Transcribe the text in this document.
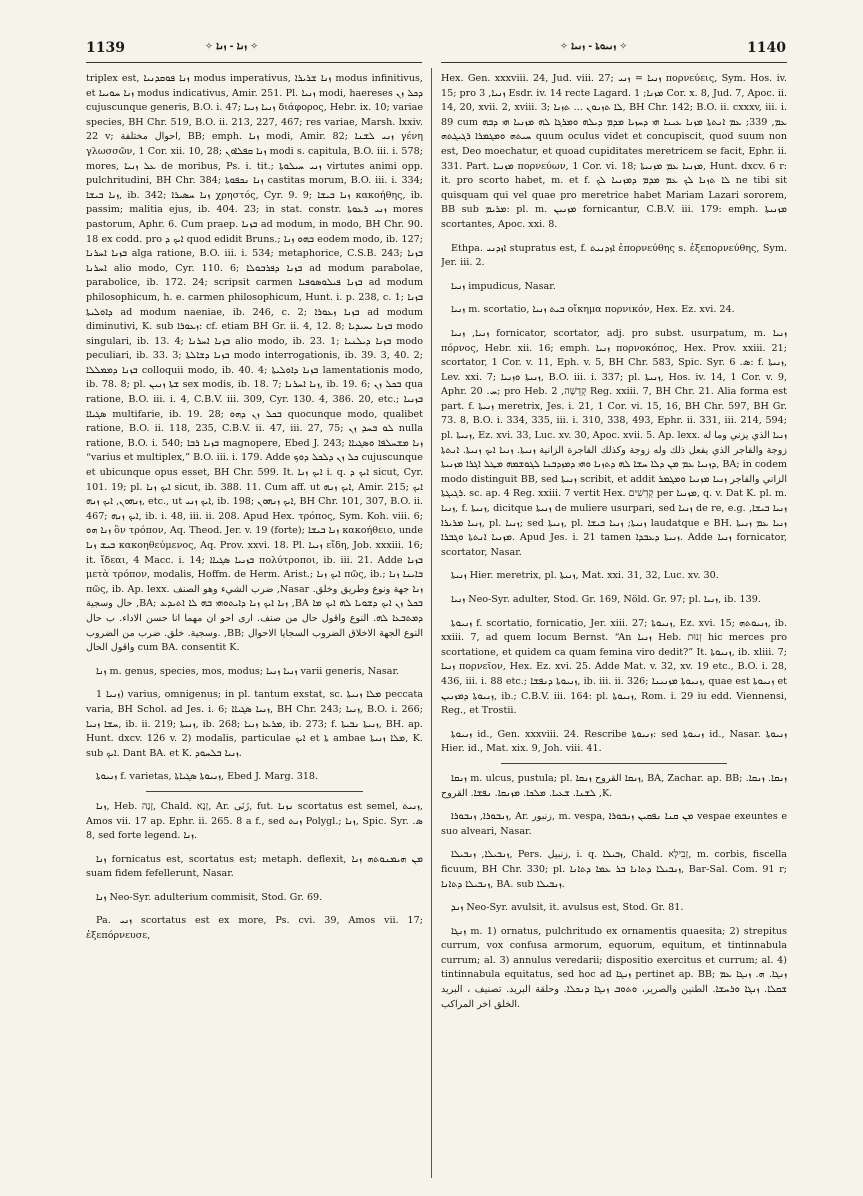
1139	✧ ܙܢܐ - ܙܢܐ ✧	✧ ܙܢܝܘܬܐ - ܙܢܝܐ ✧	1140

triplex est, ܙܢܐ ܦܘܩܕܢܝܐ modus imperativus, ܙܢܐ ܫܪܝܪܐ modus infinitivus, et ܙܢܐ ܚܘܝܝܐ modus indicativus, Amir. 251. Pl. ܙܢܝܐ modi, haereses ܕܟܠ ܙܢ cujuscunque generis, B.O. i. 47; ܙܢܝܐ ܙܢܝܐ διάφορος, Hebr. ix. 10; variae species, BH Chr. 519, B.O. ii. 213, 227, 467; res variae, Marsh. lxxiv. 22 v; احوال مختلفة, BB; emph. ܙܢܐ modi, Amir. 82; ܙܢܝ ܠܫܢܐ γένη γλωσσῶν, 1 Cor. xii. 10, 28; ܙܢܐ ܩܦܠܐܘܢ modi s. capitula, B.O. iii. i. 578; mores, ܥܠ ܙܢܝܐ de moribus, Ps. i. tit.; ܙܢܝ ܚܝܠܘܬܐ virtutes animi opp. pulchritudini, BH Chr. 384; ܙܢܐ ܢܟܦܘܬܐ castitas morum, B.O. iii. i. 334; ܙܢܐ ܒܝܫܐ, ib. 342; ܙܢܐ ܚܣܝܪܐ χρηστός, Cyr. 9. 9; ܙܢܐ ܒܝܫܐ κακοήθης, ib. passim; malitia ejus, ib. 404. 23; in stat. constr. ܙܢܝ ܪܥܘܬܐ mores pastorum, Aphr. 6. Cum praep. ܒܙܢܐ ad modum, in modo, BH Chr. 90. 18 ex codd. pro ܐܝܟ ܕ quod edidit Bruns.; ܒܗܘ ܙܢܐ eodem modo, ib. 127; ܒܙܢܐ ܐܚܪܢܐ alga ratione, B.O. iii. i. 534; metaphorice, C.S.B. 243; ܒܙܢܐ ܐܚܪܢܐ alio modo, Cyr. 110. 6; ܒܙܢܐ ܕܦܪܒܘܠܐ ad modum parabolae, parabolice, ib. 172. 24; scripsit carmen ܒܙܢܐ ܦܝܠܘܣܘܦܝܐ ad modum philosophicum, h. e. carmen philosophicum, Hunt. i. p. 238, c. 1; ܒܙܢܐ ܕܐܘܠܝܬܐ ad modum naeniae, ib. 246, c. 2; ܒܙܢܐ ܙܥܘܪܐ ad modum diminutivi, K. sub ܙܥܘܪܐ: cf. etiam BH Gr. ii. 4, 12. 8; ܒܙܢܐ ܝܚܝܕܝܐ modo singulari, ib. 13. 4; ܒܙܢܐ ܐܚܪܢܐ alio modo, ib. 23. 1; ܒܙܢܐ ܕܝܠܢܝܐ modo peculiari, ib. 33. 3; ܒܙܢܐ ܕܫܐܠܬܐ modo interrogationis, ib. 39. 3, 40. 2; ܒܙܢܐ ܕܡܡܠܠܐ colloquii modo, ib. 40. 4; ܒܙܢܐ ܕܐܘܠܝܬܐ lamentationis modo, ib. 78. 8; pl. ܫܬܐ ܙܢܝܢ sex modis, ib. 18. 7; ܙܢܐ ܐܚܪܢܐ, ib. 19. 6; ܒܟܠ ܙܢ qua ratione, B.O. iii. i. 4, C.B.V. iii. 309, Cyr. 130. 4, 386. 20, etc.; ܒܙܢܝܐ ܣܓܝܐܐ multifarie, ib. 19. 28; ܒܟܠ ܙܢ ܕܗܘ quocunque modo, qualibet ratione, B.O. ii. 118, 235, C.B.V. ii. 47, iii. 27, 75; ܠܘ ܒܚܕ ܙܢ nulla ratione, B.O. i. 540; ܒܙܢܐ ܪܒܐ magnopere, Ebed J. 243; ܙܢܐ ܡܫܚܠܦܐ ܘܣܓܝܐܐ “varius et multiplex,” B.O. iii. i. 179. Adde ܟܠ ܙܢ ܕܠܟܠ ܕܘܟ cujuscunque et ubicunque opus esset, BH Chr. 599. It. ܐܝܟ ܙܢܐ i. q. ܐܝܟ ܕ sicut, Cyr. 101. 19; pl. ܐܝܟ ܙܢܐ sicut, ib. 388. 11. Cum aff. ut ܐܝܟ ܙܢܗ, Amir. 215; ܐܝܟ ܙܢܗܘܢ, ܐܝܟ ܙܢܗ, etc., ut ܐܝܟ ܙܢܝ, ib. 198; ܐܝܟ ܙܢܗܘܢ, BH Chr. 101, 307, B.O. ii. 467; ܐܝܟ ܙܢܗ, ib. i. 48, iii. ii. 208. Apud Hex. τρόπος, Sym. Koh. viii. 6; ܙܢܐ ܗܘ ὃν τρόπον, Aq. Theod. Jer. v. 19 (forte); ܙܢܐ ܒܝܫܐ κακοήθειο, unde ܒܝܫ ܙܢܐ κακοηθεύμενος, Aq. Prov. xxvi. 18. Pl. ܙܢܝܐ εἴδη, Job. xxxiii. 16; it. ἴδεαι, 4 Macc. i. 14; ܒܙܢܝܐ ܣܓܝܐܐ πολύτροποι, ib. iii. 21. Adde ܒܙܢܐ μετὰ τρόπον, modalis, Hoffm. de Herm. Arist.; ܐܝܟ ܙܢܐ πῶς, ib.; ܒܐܝܢܐ ܙܢܐ πῶς, ib. Ap. lexx. ضرب الشيء وهو الصنف ,Nasar ܙܢܐ جهة ونوع وطريق وخلق. حال وسجية ,BA; ܙܢܐ ܐܝܟ ܙܢܐ ܕܐܝܬܘܗܝ ܒܗ ܠܐ ܐܬܝܕܥ ,BA ܒܟܠ ܙܢ ܐܝܟ ܕܫܘܝܐ ܠܗ ܐܝܟ ܡܐ ܕܡܬܒܥܐ ܠܗ. النوع واقول حال من صنف. ارى احو ان مهما انا حسن الاداء. ب حال وسجية. خلق. ضرب من الضروب. ,BB; النوع الجهة الاخلاق الضروب السجايا الاحوال واقول الحال cum BA. consentit K.

ܙܢܐ m. genus, species, mos, modus; ܙܢܝܐ ܙܢܝܐ varii generis, Nasar.

ܙܢܝܐ 1) varius, omnigenus; in pl. tantum exstat, sc. ܡܠܐ ܙܢܝܬܐ peccata varia, BH Schol. ad Jes. i. 6; ܙܢܝܐ ܣܓܝܐܐ, BH Chr. 243; ܙܢܝܐ, B.O. i. 266; ܚܫܐ ܙܢܝܐ, ib. ii. 219; ܙܢܝܬܐ, ib. 268; ܡܪܥܐ ܙܢܝܐ, ib. 273; f. ܙܢܝܬܐ ܢܒܝܬܐ, BH. ap. Hunt. dxcv. 126 v. 2) modalis, particulae ܐܝܟ et ܬܐ ambae ܡܠܐ ܙܢܝܬܐ, K. sub ܐܝܟ. Dant BA. et K. ܙܢܝܐ ܒܠܚܘܕ.

ܙܢܝܘܬܐ f. varietas, ܙܢܝܘܬܐ ܣܓܝܐܬܐ, Ebed J. Marg. 318.

ܙܢܐ, Heb. זָנָה, Chald. זְנָא, Ar. زَنَى, fut. ܢܙܢܐ scortatus est semel, ܙܢܝܬ, Amos vii. 17 ap. Ephr. ii. 265. 8 a f., sed ܙܢܬ Polygl.; ܙܢܐ, Spic. Syr. ܣ. 8, sed forte legend. ܙܢܐ.

ܙܢܐ fornicatus est, scortatus est; metaph. deflexit, ܡܢ ܗܝܡܢܘܬܗ ܙܢܐ suam fidem fefellerunt, Nasar.

ܙܢܐ Neo-Syr. adulterium commisit, Stod. Gr. 69.

Pa. ܙܢܝ scortatus est ex more, Ps. cvi. 39, Amos vii. 17; ἐξεπόρνευσε,

Hex. Gen. xxxviii. 24, Jud. viii. 27; ܙܢܝܐ = ܙܢܝ πορνεύεις, Sym. Hos. iv. 15; pro ܙܢܝܐ, 3 Esdr. iv. 14 recte Lagard. ܡܙܢܐ; 1 Cor. x. 8, Jud. 7, Apoc. ii. 14, 20, xvii. 2, xviii. 3; ܠܐ ܬܙܢܘܢ ... ܬܙܢܐ, BH Chr. 142; B.O. ii. cxxxv, iii. i. 89 cum ܥܡ, 339; ܥܡ ܐܢܬܬܐ ܡܙܢܐ ܥܝܢܐ ܗܝ ܕܚܙܝܐ ܡܕܡ ܕܝܠܗ ܘܡܪܓܐ ܠܗ ܡܙܢܝܐ ܗܝ ܕܒܗ ܚܝܬܗ ܘܡܓܡܪܐ ܪܓܝܓܬܗ quum oculus videt et concupiscit, quod suum non est, Deo moechatur, et quoad cupiditates meretricem se facit, Ephr. ii. 331. Part. ܡܙܢܝܐ πορνεύων, 1 Cor. vi. 18; ܡܙܢܝܐ ܥܡ ܡܙܢܝܬܐ, Hunt. dxcv. 6 r: it. pro scorto habet, m. et f. ܠܐ ܬܙܢܐ ܠܟ ܥܡ ܡܕܡ ܕܡܙܢܝܐ ܠܟ ne tibi sit quisquam qui vel quae pro meretrice habet Mariam Lazari sororem, BB sub ܡܪܝܡ: pl. m. ܡܙܢܝܢ fornicantur, C.B.V. iii. 179: emph. ܡܙܢܝܬܐ scortantes, Apoc. xxi. 8.

Ethpa. ܐܙܕܢܝ stupratus est, f. ܐܙܕܢܝܬ ἐπορνεύθης s. ἐξεπορνεύθης, Sym. Jer. iii. 2.

ܙܢܝܐ impudicus, Nasar.

ܙܢܝܐ m. scortatio, ܒܝܬ ܙܢܝܐ οἴκημα πορνικόν, Hex. Ez. xvi. 24.

ܙܢܝܐ, ܙܢܝܐ fornicator, scortator, adj. pro subst. usurpatum, m. ܙܢܝܐ πόρνος, Hebr. xii. 16; emph. ܙܢܝܐ πορνοκόπος, Hex. Prov. xxiii. 21; scortator, 1 Cor. v. 11, Eph. v. 5, BH Chr. 583, Spic. Syr. ܣ. 6: f. ܙܢܝܬܐ, Lev. xxi. 7; ܙܢܝܬܐ ܘܙܢܝܐ, B.O. iii. i. 337; pl. ܙܢܝܬܐ, Hos. iv. 14, 1 Cor. v. 9, Aphr. ܚ. 20; pro Heb. קְדֵשָׁה, 2 Reg. xxiii. 7, BH Chr. 21. Alia forma est part. f. ܙܢܝܬܐ meretrix, Jes. i. 21, 1 Cor. vi. 15, 16, BH Chr. 597, BH Gr. 73. 8, B.O. i. 334, 335, iii. i. 310, 338, 493, Ephr. ii. 331, iii. 214, 594; pl. ܙܢܝܬܐ, Ez. xvi. 33, Luc. xv. 30, Apoc. xvii. 5. Ap. lexx. ܙܢܝܐ الذي يزني وما له زوجة والفاجر الذي يفعل ذلك وله زوجة وكذلك الفاجرة الزانية ܙܢܝܬܐ. ܙܢܝܐ ܐܝܟ ܙܢܝܬܐ. ܐܢܬܬܐ ܕܙܢܝܐ ܥܡ ܡܢ ܕܠܐ ܚܫܐ ܠܗ ܕܬܙܢܐ ܘܗܝ ܕܡܙܕܒܢܐ ܠܓܘܫܡܗ ܡܛܠ ܐܓܪܐ ܡܙܢܝܬܐ, BA; in codem modo distinguit BB, sed ܙܢܝܬܐ scribit, et addit الزاني والفاجر ܙܢܝܐ ܡܙܢܝܐ ܘܡܓܡܪ ܪܓܝܓܬܐ. sc. ap. 4 Reg. xxiii. 7 vertit Hex. קְדֵשִׁים per ܡܙܢܝܐ, q. v. Dat K. pl. m. ܙܢܝܐ, f. ܙܢܝܬܐ, dicitque ܙܢܝܬܐ de muliere usurpari, sed ܙܢܝܐ de re, e.g. ܙܢܝܐ ܒܝܫܐ, ܙܢܝܐ ܡܪܝܪܐ, pl. ܙܢܝܐ; sed ܙܢܝܬܐ, pl. ܙܢܝܬܐ; ܙܢܝܐ ܒܝܫܐ laudatque e BH. ܙܢܝܐ ܥܡ ܙܢܝܬܐ ܡܙܢܝܐ ܐܢܬܬܐ ܘܓܒܪܐ. Apud Jes. i. 21 tamen ܙܢܝܬܐ ܕܥܒܕܐ. Adde ܙܢܝܐ fornicator, scortator, Nasar.

ܙܢܝܬܐ Hier. meretrix, pl. ܙܢܝܬܐ, Mat. xxi. 31, 32, Luc. xv. 30.

ܙܢܝܐ Neo-Syr. adulter, Stod. Gr. 169, Nöld. Gr. 97; pl. ܙܢܝܐ, ib. 139.

ܙܢܝܘܬܐ f. scortatio, fornicatio, Jer. xiii. 27; ܙܢܝܘܬܐ, Ez. xvi. 15; ܙܢܝܘܬܗ, ib. xxiii. 7, ad quem locum Bernst. “An ܙܢܝܐ Heb. זְנוּת hic merces pro scortatione, et quidem ca quam femina viro dedit?” It. ܙܢܝܘܬܐ, ib. xliii. 7; ܙܢܝܐ πορνεῖον, Hex. Ez. xvi. 25. Adde Mat. v. 32, xv. 19 etc., B.O. i. 28, 436, iii. i. 88 etc.; ܙܢܝܘܬܐ ܕܢܦܫܐ, ib. iii. ii. 326; ܙܢܝܘܬܐ ܡܙܢܝܢܐ, quae est ܙܢܝܘܬܐ et ܙܢܝܘܬܐ ܕܡܙܢܝܢ, ib.; C.B.V. iii. 164: pl. ܙܢܝܘܬܐ, Rom. i. 29 iu edd. Viennensi, Reg., et Trostii.

ܙܢܝܘܬܐ id., Gen. xxxviii. 24. Rescribe ܙܢܝܘܬܐ: sed ܙܢܝܘܬܐ id., Nasar. ܙܢܝܘܬܐ Hier. id., Mat. xix. 9, Joh. viii. 41.

ܙܢܩܐ m. ulcus, pustula; pl. ܙܢܩܐ القروح ܙܢܩܐ, BA, Zachar. ap. BB; ܙܢܩܐ. ܙܢܩܐ. ܠܫܢܐ. ܫܥܝܐ. ܡܠܟܐ. ܡܙܢܩܐ. ܢܦܫܐ. القروح ,K.

ܙܢܒܘܪܐ, ܙܢܒܘܪܐ, Ar. زنبور, m. vespa, ܡܢ ܩܢܐ ܢܦܩܝܢ ܙܢܒܘܪܐ vespae exeuntes e suo alveari, Nasar.

ܙܢܒܝܠܐ, ܙܢܒܝܠܐ, Pers. زنبيل, i. q. ܙܒܝܠܐ, Chald. זְבִילָא, m. corbis, fiscella ficuum, BH Chr. 330; pl. ܙܢܒܝܠܐ ܕܬܐܢܐ ܒܪ ܥܡܐ ܕܬܐܢܐ, Bar-Sal. Com. 91 r; ܙܢܒܝܠܐ ܕܬܐܢܐ, BA. sub ܙܢܒܝܠܐ.

ܙܢܕ Neo-Syr. avulsit, it. avulsus est, Stod. Gr. 81.

ܙܢܓܐ m. 1) ornatus, pulchritudo ex ornamentis quaesita; 2) strepitus currum, vox confusa armorum, equorum, equitum, et tintinnabula currum; al. 3) annulus veredarii; dispositio exercitus et currum; al. 4) tintinnabula equitatus, sed hoc ad ܙܢܓܐ pertinet ap. BB; ܙܢܓܐ. ܗ. ܙܢܓܐ ܥܡ ܫܩܠܐ. ܙܢܓܐ ܘܪܚܫܐ. الطنين والصرير، ܘܬܘܒ ܙܢܓܐ ܕܢܟܠܐ. وحلقة البريد. تصنيف ، البريد الخلق اخر المراكب.
